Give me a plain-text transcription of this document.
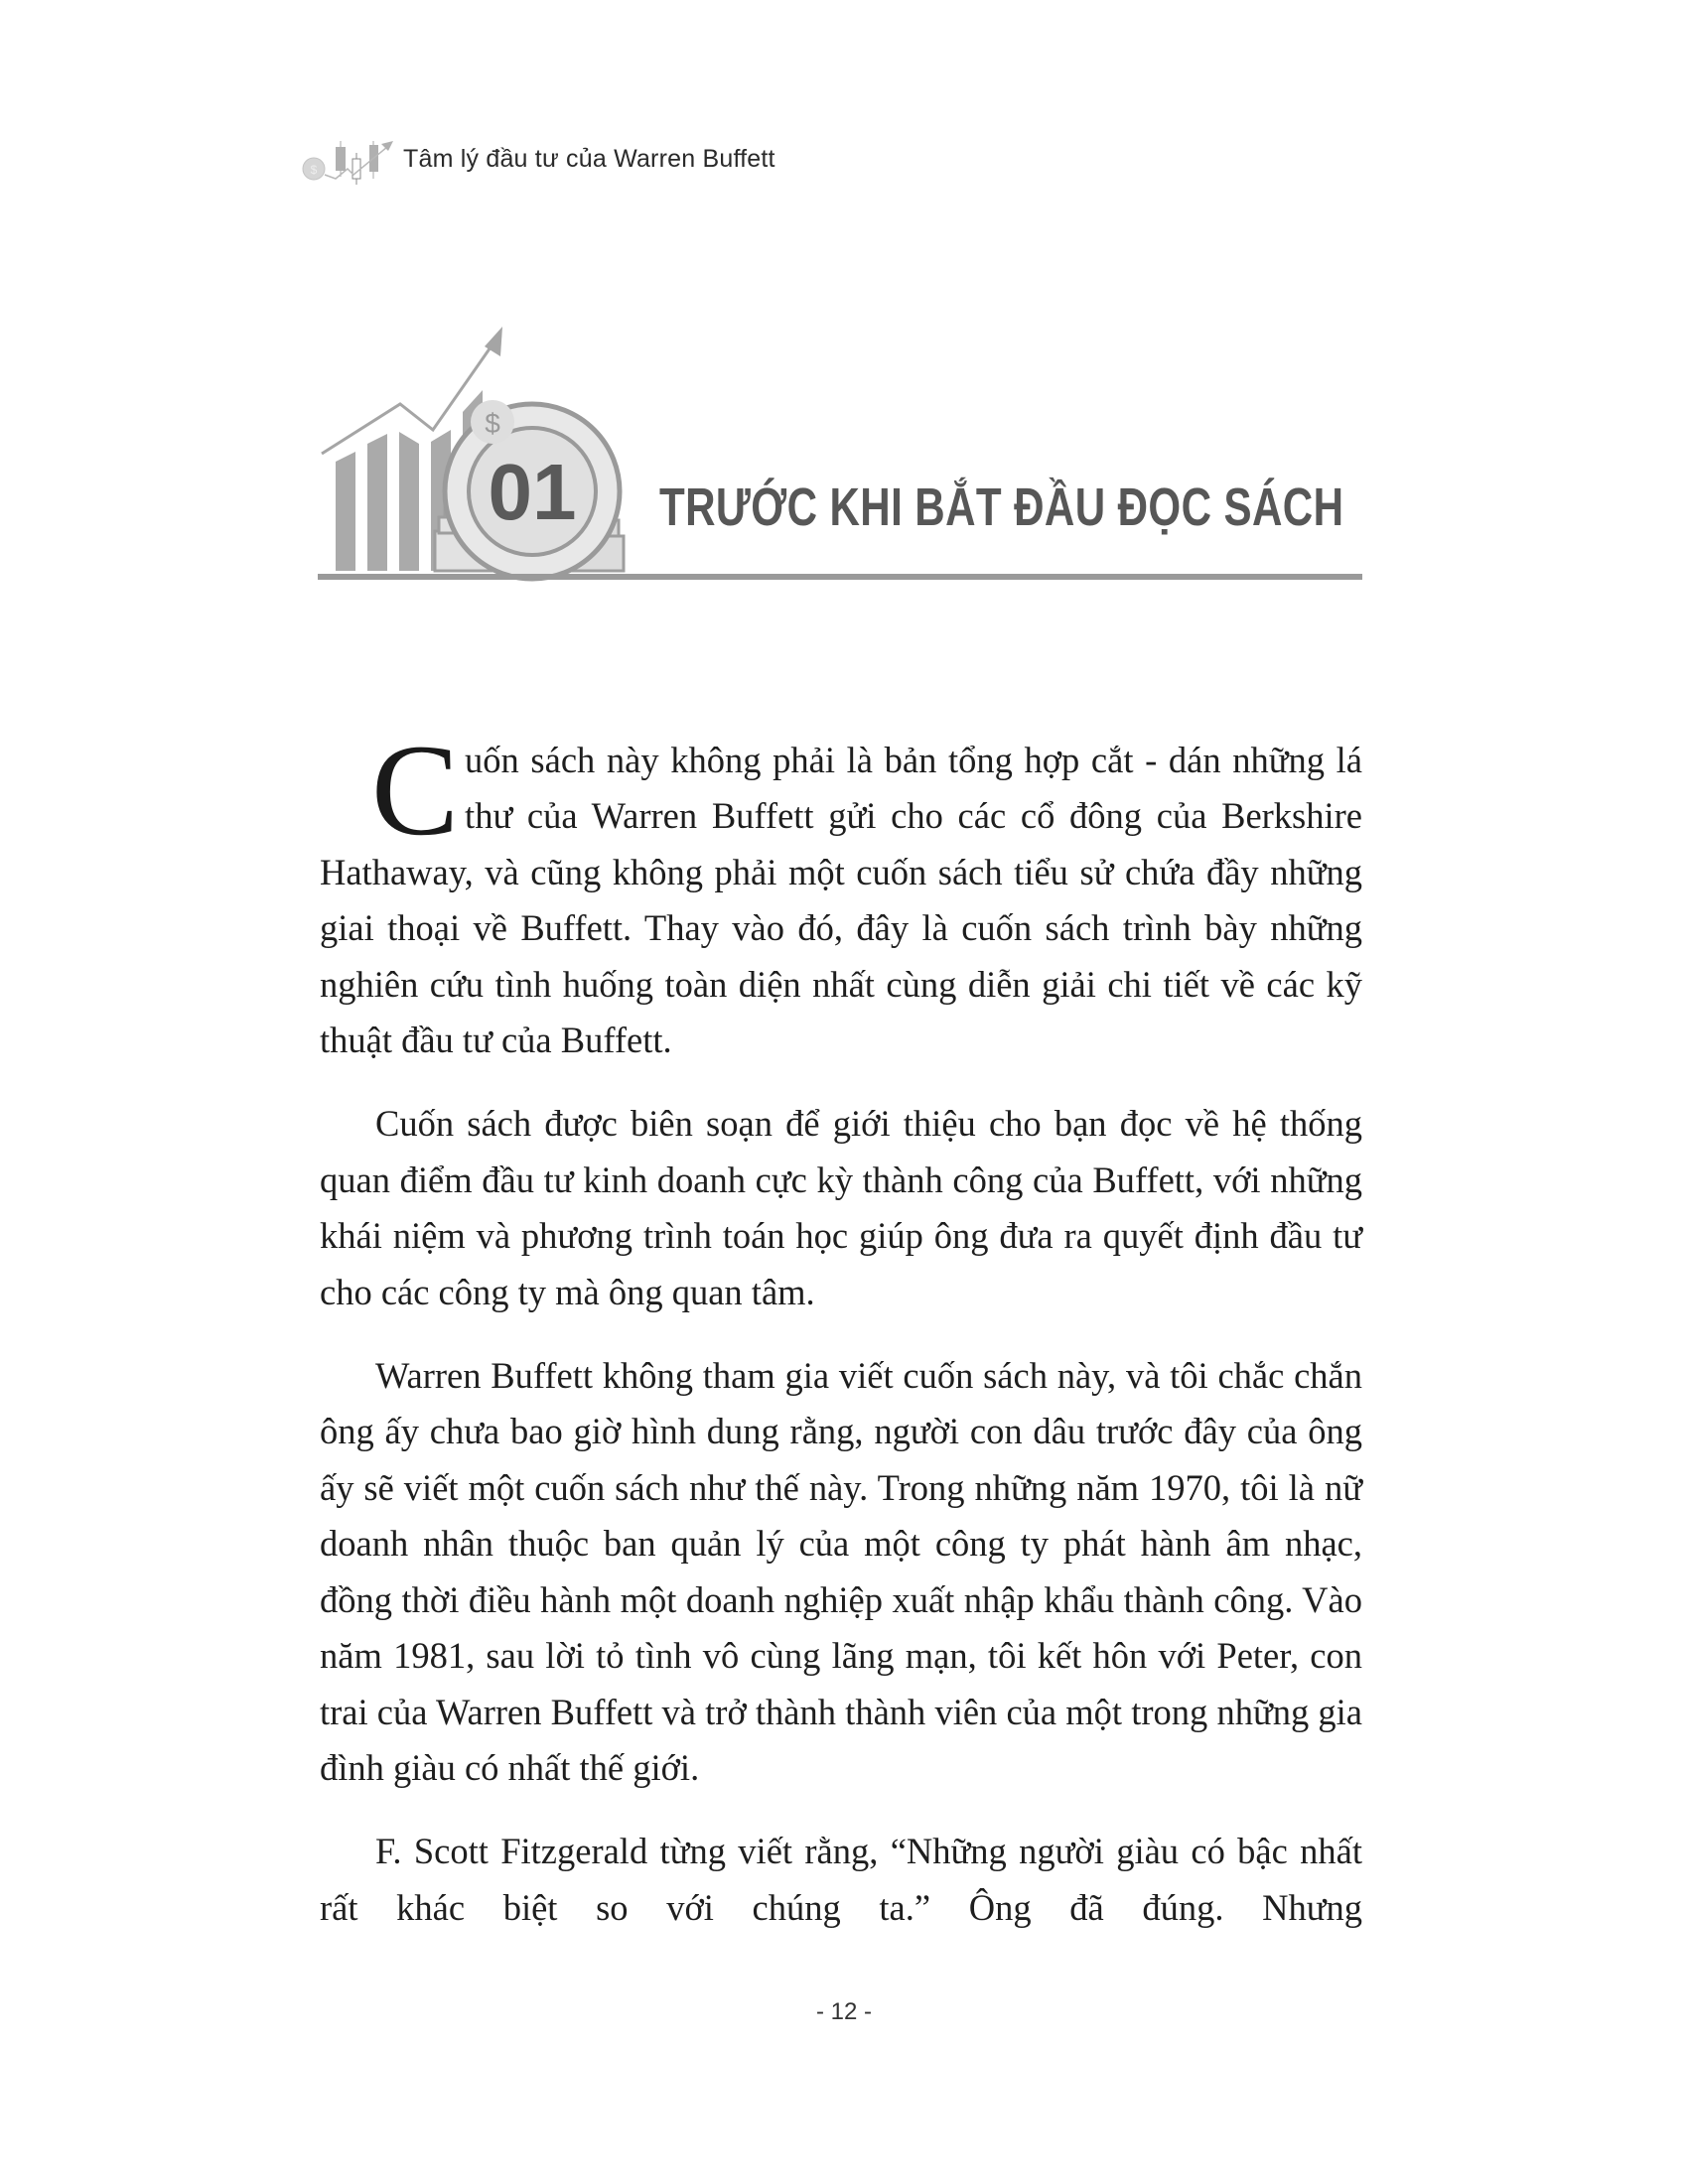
$	Tâm lý đầu tư của Warren Buffett
$
01 TRƯỚC KHI BẮT ĐẦU ĐỌC SÁCH

Cuốn sách này không phải là bản tổng hợp cắt - dán những lá thư của Warren Buffett gửi cho các cổ đông của Berkshire Hathaway, và cũng không phải một cuốn sách tiểu sử chứa đầy những giai thoại về Buffett. Thay vào đó, đây là cuốn sách trình bày những nghiên cứu tình huống toàn diện nhất cùng diễn giải chi tiết về các kỹ thuật đầu tư của Buffett.

Cuốn sách được biên soạn để giới thiệu cho bạn đọc về hệ thống quan điểm đầu tư kinh doanh cực kỳ thành công của Buffett, với những khái niệm và phương trình toán học giúp ông đưa ra quyết định đầu tư cho các công ty mà ông quan tâm.

Warren Buffett không tham gia viết cuốn sách này, và tôi chắc chắn ông ấy chưa bao giờ hình dung rằng, người con dâu trước đây của ông ấy sẽ viết một cuốn sách như thế này. Trong những năm 1970, tôi là nữ doanh nhân thuộc ban quản lý của một công ty phát hành âm nhạc, đồng thời điều hành một doanh nghiệp xuất nhập khẩu thành công. Vào năm 1981, sau lời tỏ tình vô cùng lãng mạn, tôi kết hôn với Peter, con trai của Warren Buffett và trở thành thành viên của một trong những gia đình giàu có nhất thế giới.

F. Scott Fitzgerald từng viết rằng, “Những người giàu có bậc nhất rất khác biệt so với chúng ta.” Ông đã đúng. Nhưng

- 12 -
